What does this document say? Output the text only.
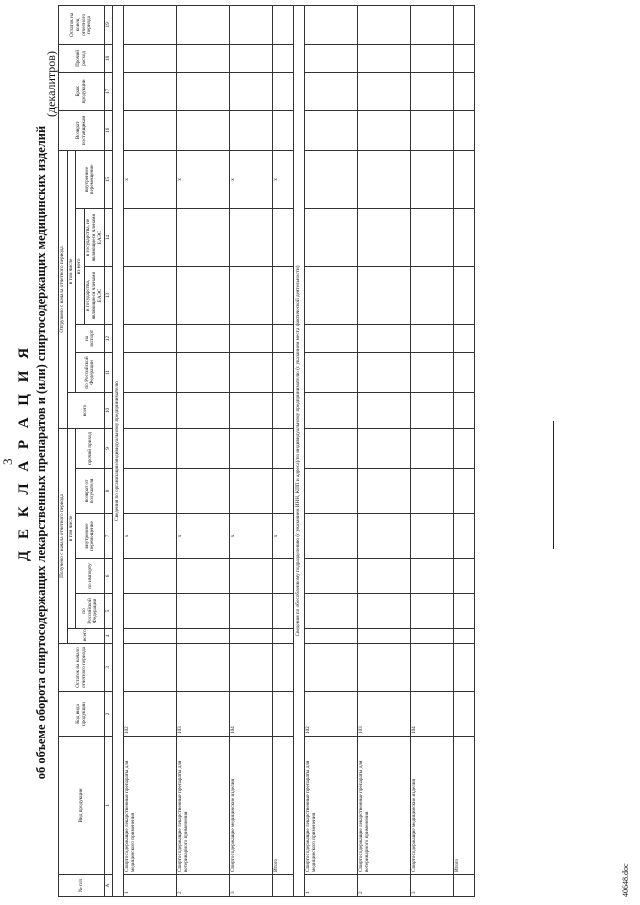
3 Д Е К Л А Р А Ц И Я об объеме оборота спиртосодержащих лекарственных препаратов и (или) спиртосодержащих медицинских изделий
(декалитров)
№ п/п	Вид продукции	Код вида продукции	Остаток на начало отчетного периода	Получено с начала отчетного периода						Отгружено с начала отчетного периода						Возврат поставщикам	Брак продукции	Прочий расход	Остаток на конец отчетного периода
				всего	в том числе					всего	в том числе								
					по Российской Федерации	по импорту	внутреннее перемещение	возврат от получателя	прочий приход		по Российской Федерации	на экспорт	из него		внутреннее перемещение				
													в государства, являющиеся членами ЕАЭС	в государства, не являющиеся членами ЕАЭС					
А	1	2	3	4	5	6	7	8	9	10	11	12	13	14	15	16	17	18	19
Сведения по организации/индивидуальному предпринимателю																			
1	Спиртосодержащие лекарственные препараты для медицинского применения	102					х								х				
2	Спиртосодержащие лекарственные препараты для ветеринарного применения	103					х								х				
3	Спиртосодержащие медицинские изделия	104					х								х				
	Итого						х								х				
Сведения по обособленному подразделению (с указанием ИНН, КПП и адреса)/по индивидуальному предпринимателю (с указанием места фактической деятельности)																			
1	Спиртосодержащие лекарственные препараты для медицинского применения	102																	
2	Спиртосодержащие лекарственные препараты для ветеринарного применения	103																	
3	Спиртосодержащие медицинские изделия	104																	
	Итого																			40648.doc
